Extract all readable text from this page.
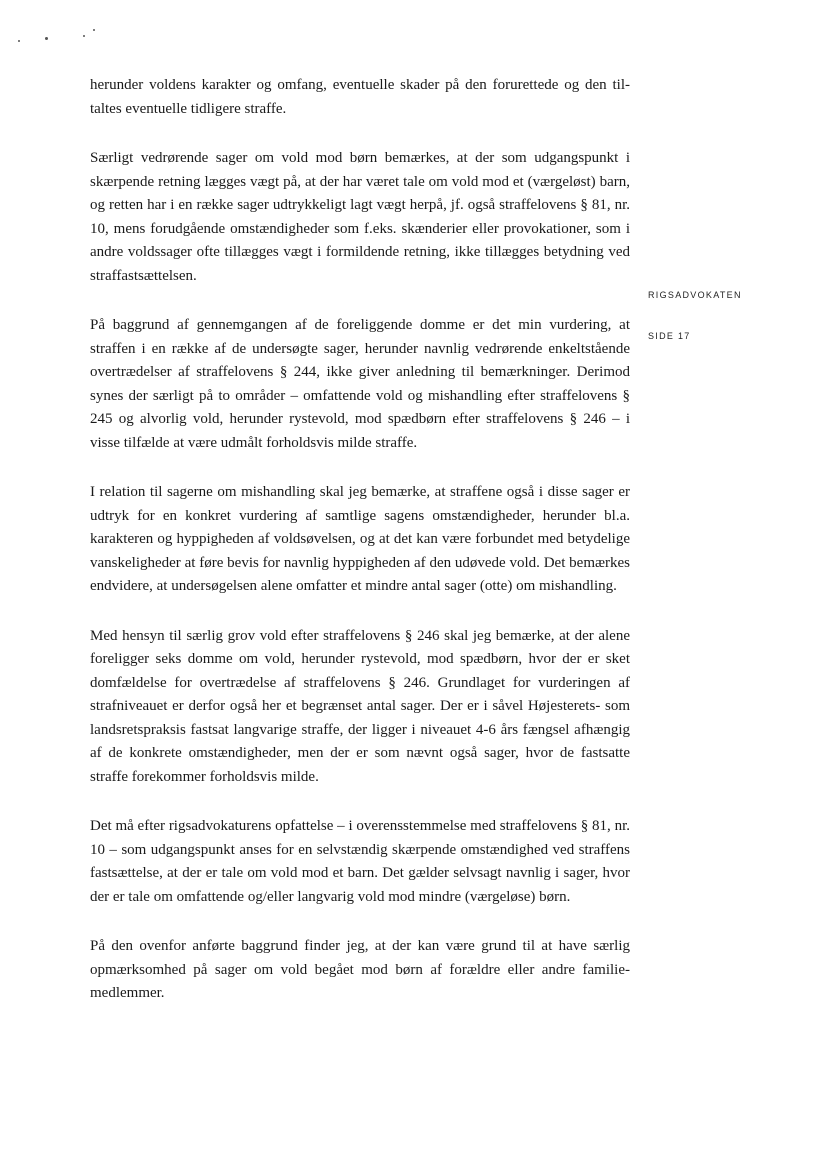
RIGSADVOKATEN

SIDE 17

herunder voldens karakter og omfang, eventuelle skader på den forurettede og den tiltaltes eventuelle tidligere straffe.

Særligt vedrørende sager om vold mod børn bemærkes, at der som udgangspunkt i skærpende retning lægges vægt på, at der har været tale om vold mod et (værgeløst) barn, og retten har i en række sager udtrykkeligt lagt vægt herpå, jf. også straffelovens § 81, nr. 10, mens forudgående omstændigheder som f.eks. skænderier eller provokationer, som i andre voldssager ofte tillægges vægt i formildende retning, ikke tillægges betydning ved straffastsættelsen.

På baggrund af gennemgangen af de foreliggende domme er det min vurdering, at straffen i en række af de undersøgte sager, herunder navnlig vedrørende enkeltstående overtrædelser af straffelovens § 244, ikke giver anledning til bemærkninger. Derimod synes der særligt på to områder – omfattende vold og mishandling efter straffelovens § 245 og alvorlig vold, herunder rystevold, mod spædbørn efter straffelovens § 246 – i visse tilfælde at være udmålt forholdsvis milde straffe.

I relation til sagerne om mishandling skal jeg bemærke, at straffene også i disse sager er udtryk for en konkret vurdering af samtlige sagens omstændigheder, herunder bl.a. karakteren og hyppigheden af voldsøvelsen, og at det kan være forbundet med betydelige vanskeligheder at føre bevis for navnlig hyppigheden af den udøvede vold. Det bemærkes endvidere, at undersøgelsen alene omfatter et mindre antal sager (otte) om mishandling.

Med hensyn til særlig grov vold efter straffelovens § 246 skal jeg bemærke, at der alene foreligger seks domme om vold, herunder rystevold, mod spædbørn, hvor der er sket domfældelse for overtrædelse af straffelovens § 246. Grundlaget for vurderingen af strafniveauet er derfor også her et begrænset antal sager. Der er i såvel Højesterets- som landsretspraksis fastsat langvarige straffe, der ligger i niveauet 4-6 års fængsel afhængig af de konkrete omstændigheder, men der er som nævnt også sager, hvor de fastsatte straffe forekommer forholdsvis milde.

Det må efter rigsadvokaturens opfattelse – i overensstemmelse med straffelovens § 81, nr. 10 – som udgangspunkt anses for en selvstændig skærpende omstændighed ved straffens fastsættelse, at der er tale om vold mod et barn. Det gælder selvsagt navnlig i sager, hvor der er tale om omfattende og/eller langvarig vold mod mindre (værgeløse) børn.

På den ovenfor anførte baggrund finder jeg, at der kan være grund til at have særlig opmærksomhed på sager om vold begået mod børn af forældre eller andre familiemedlemmer.
